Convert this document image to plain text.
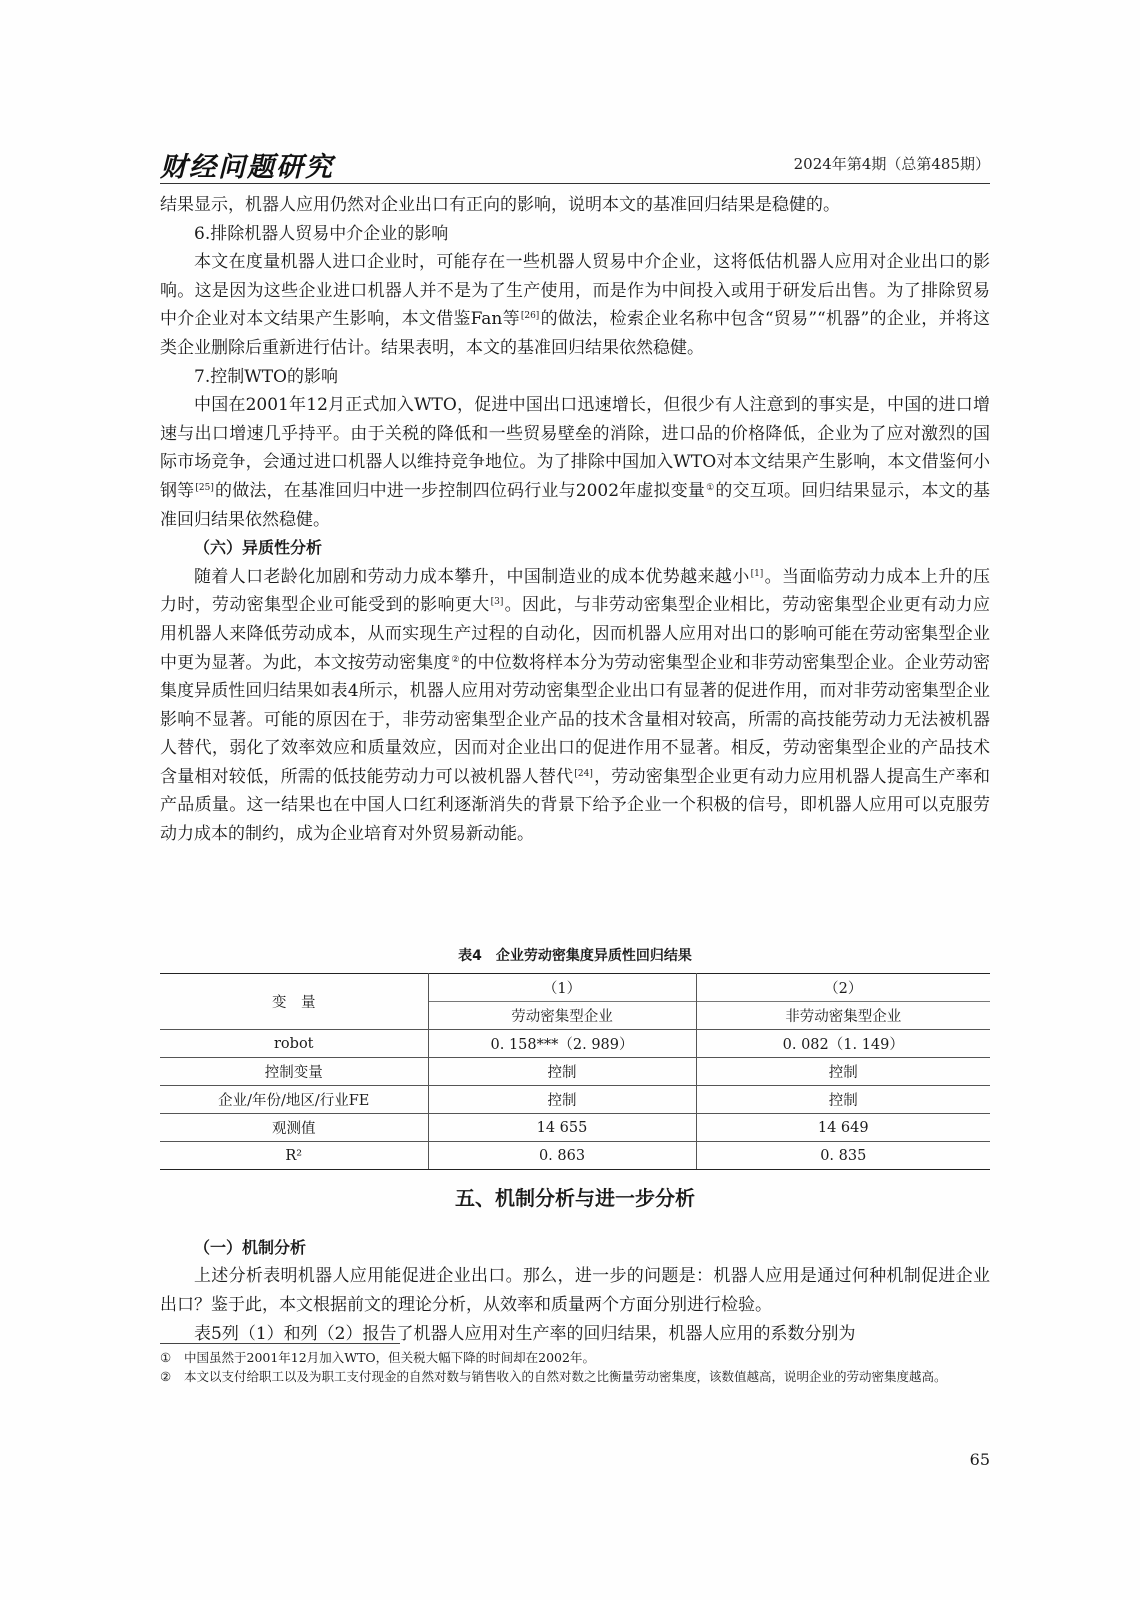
财经问题研究	2024年第4期（总第485期）

结果显示，机器人应用仍然对企业出口有正向的影响，说明本文的基准回归结果是稳健的。

6.排除机器人贸易中介企业的影响

本文在度量机器人进口企业时，可能存在一些机器人贸易中介企业，这将低估机器人应用对企业出口的影响。这是因为这些企业进口机器人并不是为了生产使用，而是作为中间投入或用于研发后出售。为了排除贸易中介企业对本文结果产生影响，本文借鉴Fan等[26]的做法，检索企业名称中包含“贸易”“机器”的企业，并将这类企业删除后重新进行估计。结果表明，本文的基准回归结果依然稳健。

7.控制WTO的影响

中国在2001年12月正式加入WTO，促进中国出口迅速增长，但很少有人注意到的事实是，中国的进口增速与出口增速几乎持平。由于关税的降低和一些贸易壁垒的消除，进口品的价格降低，企业为了应对激烈的国际市场竞争，会通过进口机器人以维持竞争地位。为了排除中国加入WTO对本文结果产生影响，本文借鉴何小钢等[25]的做法，在基准回归中进一步控制四位码行业与2002年虚拟变量①的交互项。回归结果显示，本文的基准回归结果依然稳健。

（六）异质性分析

随着人口老龄化加剧和劳动力成本攀升，中国制造业的成本优势越来越小[1]。当面临劳动力成本上升的压力时，劳动密集型企业可能受到的影响更大[3]。因此，与非劳动密集型企业相比，劳动密集型企业更有动力应用机器人来降低劳动成本，从而实现生产过程的自动化，因而机器人应用对出口的影响可能在劳动密集型企业中更为显著。为此，本文按劳动密集度②的中位数将样本分为劳动密集型企业和非劳动密集型企业。企业劳动密集度异质性回归结果如表4所示，机器人应用对劳动密集型企业出口有显著的促进作用，而对非劳动密集型企业影响不显著。可能的原因在于，非劳动密集型企业产品的技术含量相对较高，所需的高技能劳动力无法被机器人替代，弱化了效率效应和质量效应，因而对企业出口的促进作用不显著。相反，劳动密集型企业的产品技术含量相对较低，所需的低技能劳动力可以被机器人替代[24]，劳动密集型企业更有动力应用机器人提高生产率和产品质量。这一结果也在中国人口红利逐渐消失的背景下给予企业一个积极的信号，即机器人应用可以克服劳动力成本的制约，成为企业培育对外贸易新动能。

表4　企业劳动密集度异质性回归结果
变　量	（1）	（2）
	劳动密集型企业	非劳动密集型企业
robot	0. 158***（2. 989）	0. 082（1. 149）
控制变量	控制	控制
企业/年份/地区/行业FE	控制	控制
观测值	14 655	14 649
R²	0. 863	0. 835
五、机制分析与进一步分析
（一）机制分析

上述分析表明机器人应用能促进企业出口。那么，进一步的问题是：机器人应用是通过何种机制促进企业出口？鉴于此，本文根据前文的理论分析，从效率和质量两个方面分别进行检验。

表5列（1）和列（2）报告了机器人应用对生产率的回归结果，机器人应用的系数分别为

① 中国虽然于2001年12月加入WTO，但关税大幅下降的时间却在2002年。
② 本文以支付给职工以及为职工支付现金的自然对数与销售收入的自然对数之比衡量劳动密集度，该数值越高，说明企业的劳动密集度越高。
65
